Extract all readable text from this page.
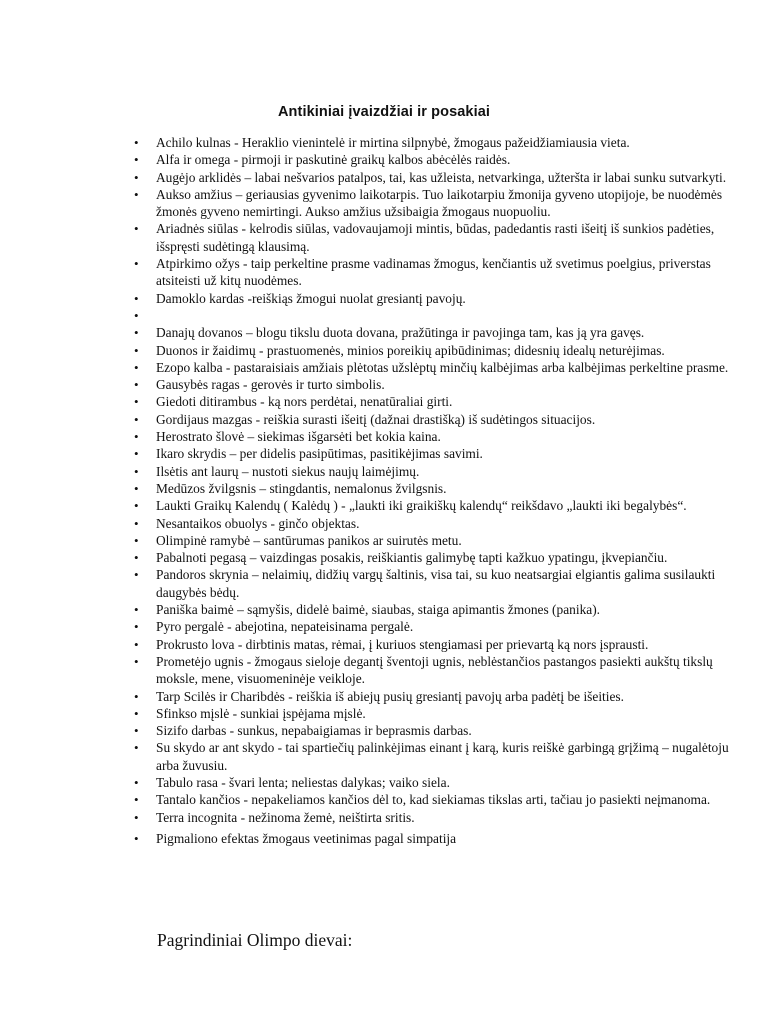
Antikiniai įvaizdžiai ir posakiai
• Achilo kulnas - Heraklio vienintelė ir mirtina silpnybė, žmogaus pažeidžiamiausia vieta.
• Alfa ir omega - pirmoji ir paskutinė graikų kalbos abėcėlės raidės.
• Augėjo arklidės – labai nešvarios patalpos, tai, kas užleista, netvarkinga, užteršta ir labai sunku sutvarkyti.
• Aukso amžius – geriausias gyvenimo laikotarpis. Tuo laikotarpiu žmonija gyveno utopijoje, be nuodėmės žmonės gyveno nemirtingi. Aukso amžius užsibaigia žmogaus nuopuoliu.
• Ariadnės siūlas - kelrodis siūlas, vadovaujamoji mintis, būdas, padedantis rasti išeitį iš sunkios padėties, išspręsti sudėtingą klausimą.
• Atpirkimo ožys - taip perkeltine prasme vadinamas žmogus, kenčiantis už svetimus poelgius, priverstas atsiteisti už kitų nuodėmes.
• Damoklo kardas -reiškiąs žmogui nuolat gresiantį pavojų.
•
• Danajų dovanos – blogu tikslu duota dovana, pražūtinga ir pavojinga tam, kas ją yra gavęs.
• Duonos ir žaidimų - prastuomenės, minios poreikių apibūdinimas; didesnių idealų neturėjimas.
• Ezopo kalba - pastaraisiais amžiais plėtotas užslėptų minčių kalbėjimas arba kalbėjimas perkeltine prasme.
• Gausybės ragas - gerovės ir turto simbolis.
• Giedoti ditirambus - ką nors perdėtai, nenatūraliai girti.
• Gordijaus mazgas - reiškia surasti išeitį (dažnai drastišką) iš sudėtingos situacijos.
• Herostrato šlovė – siekimas išgarsėti bet kokia kaina.
• Ikaro skrydis – per didelis pasipūtimas, pasitikėjimas savimi.
• Ilsėtis ant laurų – nustoti siekus naujų laimėjimų.
• Medūzos žvilgsnis – stingdantis, nemalonus žvilgsnis.
• Laukti Graikų Kalendų ( Kalėdų ) - „laukti iki graikiškų kalendų“ reikšdavo „laukti iki begalybės“.
• Nesantaikos obuolys - ginčo objektas.
• Olimpinė ramybė – santūrumas panikos ar suirutės metu.
• Pabalnoti pegasą – vaizdingas posakis, reiškiantis galimybę tapti kažkuo ypatingu, įkvepiančiu.
• Pandoros skrynia – nelaimių, didžių vargų šaltinis, visa tai, su kuo neatsargiai elgiantis galima susilaukti daugybės bėdų.
• Paniška baimė – sąmyšis, didelė baimė, siaubas, staiga apimantis žmones (panika).
• Pyro pergalė - abejotina, nepateisinama pergalė.
• Prokrusto lova - dirbtinis matas, rėmai, į kuriuos stengiamasi per prievartą ką nors įsprausti.
• Prometėjo ugnis - žmogaus sieloje degantį šventoji ugnis, neblėstančios pastangos pasiekti aukštų tikslų moksle, mene, visuomeninėje veikloje.
• Tarp Scilės ir Charibdės - reiškia iš abiejų pusių gresiantį pavojų arba padėtį be išeities.
• Sfinkso mįslė - sunkiai įspėjama mįslė.
• Sizifo darbas - sunkus, nepabaigiamas ir beprasmis darbas.
• Su skydo ar ant skydo - tai spartiečių palinkėjimas einant į karą, kuris reiškė garbingą grįžimą – nugalėtoju arba žuvusiu.
• Tabulo rasa - švari lenta; neliestas dalykas; vaiko siela.
• Tantalo kančios - nepakeliamos kančios dėl to, kad siekiamas tikslas arti, tačiau jo pasiekti neįmanoma.
• Terra incognita - nežinoma žemė, neištirta sritis.
• Pigmaliono efektas žmogaus veetinimas pagal simpatija
Pagrindiniai Olimpo dievai:
